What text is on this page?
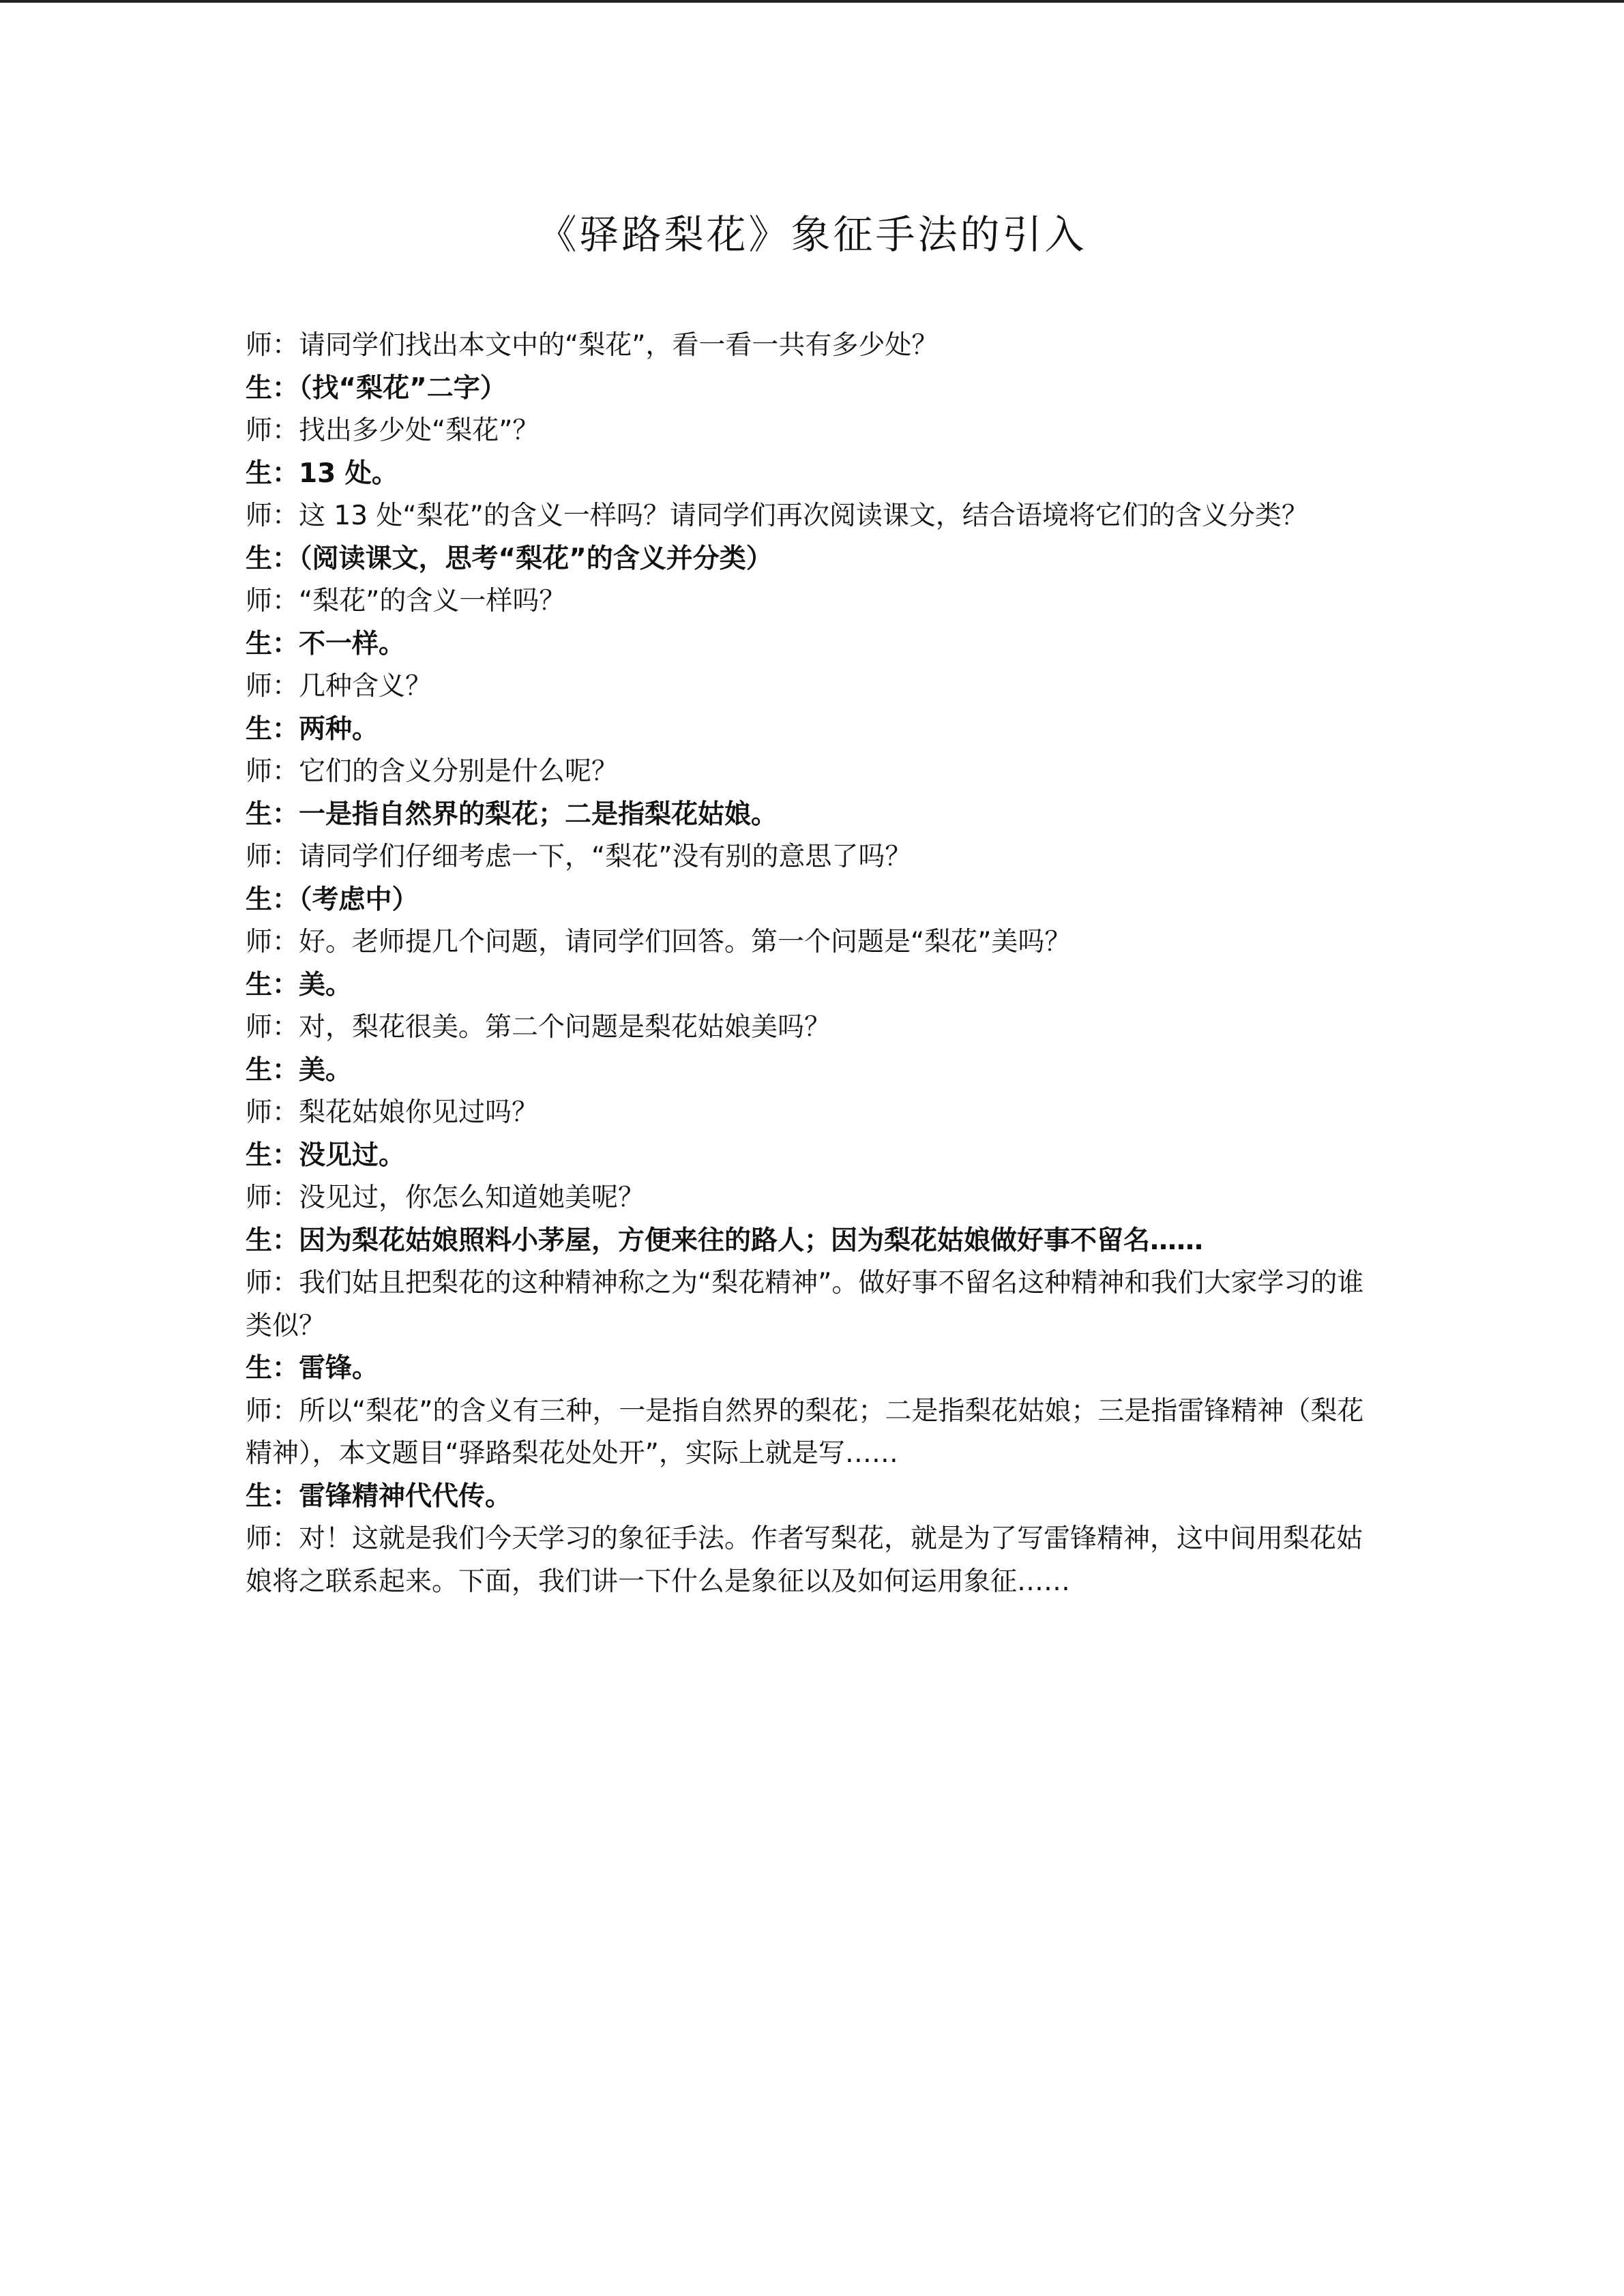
《驿路梨花》象征手法的引入

师：请同学们找出本文中的“梨花”，看一看一共有多少处？

生：（找“梨花”二字）

师：找出多少处“梨花”？

生：13 处。

师：这 13 处“梨花”的含义一样吗？请同学们再次阅读课文，结合语境将它们的含义分类？

生：（阅读课文，思考“梨花”的含义并分类）

师：“梨花”的含义一样吗？

生：不一样。

师：几种含义？

生：两种。

师：它们的含义分别是什么呢？

生：一是指自然界的梨花；二是指梨花姑娘。

师：请同学们仔细考虑一下，“梨花”没有别的意思了吗？

生：（考虑中）

师：好。老师提几个问题，请同学们回答。第一个问题是“梨花”美吗？

生：美。

师：对，梨花很美。第二个问题是梨花姑娘美吗？

生：美。

师：梨花姑娘你见过吗？

生：没见过。

师：没见过，你怎么知道她美呢？

生：因为梨花姑娘照料小茅屋，方便来往的路人；因为梨花姑娘做好事不留名……

师：我们姑且把梨花的这种精神称之为“梨花精神”。做好事不留名这种精神和我们大家学习的谁类似？

生：雷锋。

师：所以“梨花”的含义有三种，一是指自然界的梨花；二是指梨花姑娘；三是指雷锋精神（梨花精神），本文题目“驿路梨花处处开”，实际上就是写……

生：雷锋精神代代传。

师：对！这就是我们今天学习的象征手法。作者写梨花，就是为了写雷锋精神，这中间用梨花姑娘将之联系起来。下面，我们讲一下什么是象征以及如何运用象征……
